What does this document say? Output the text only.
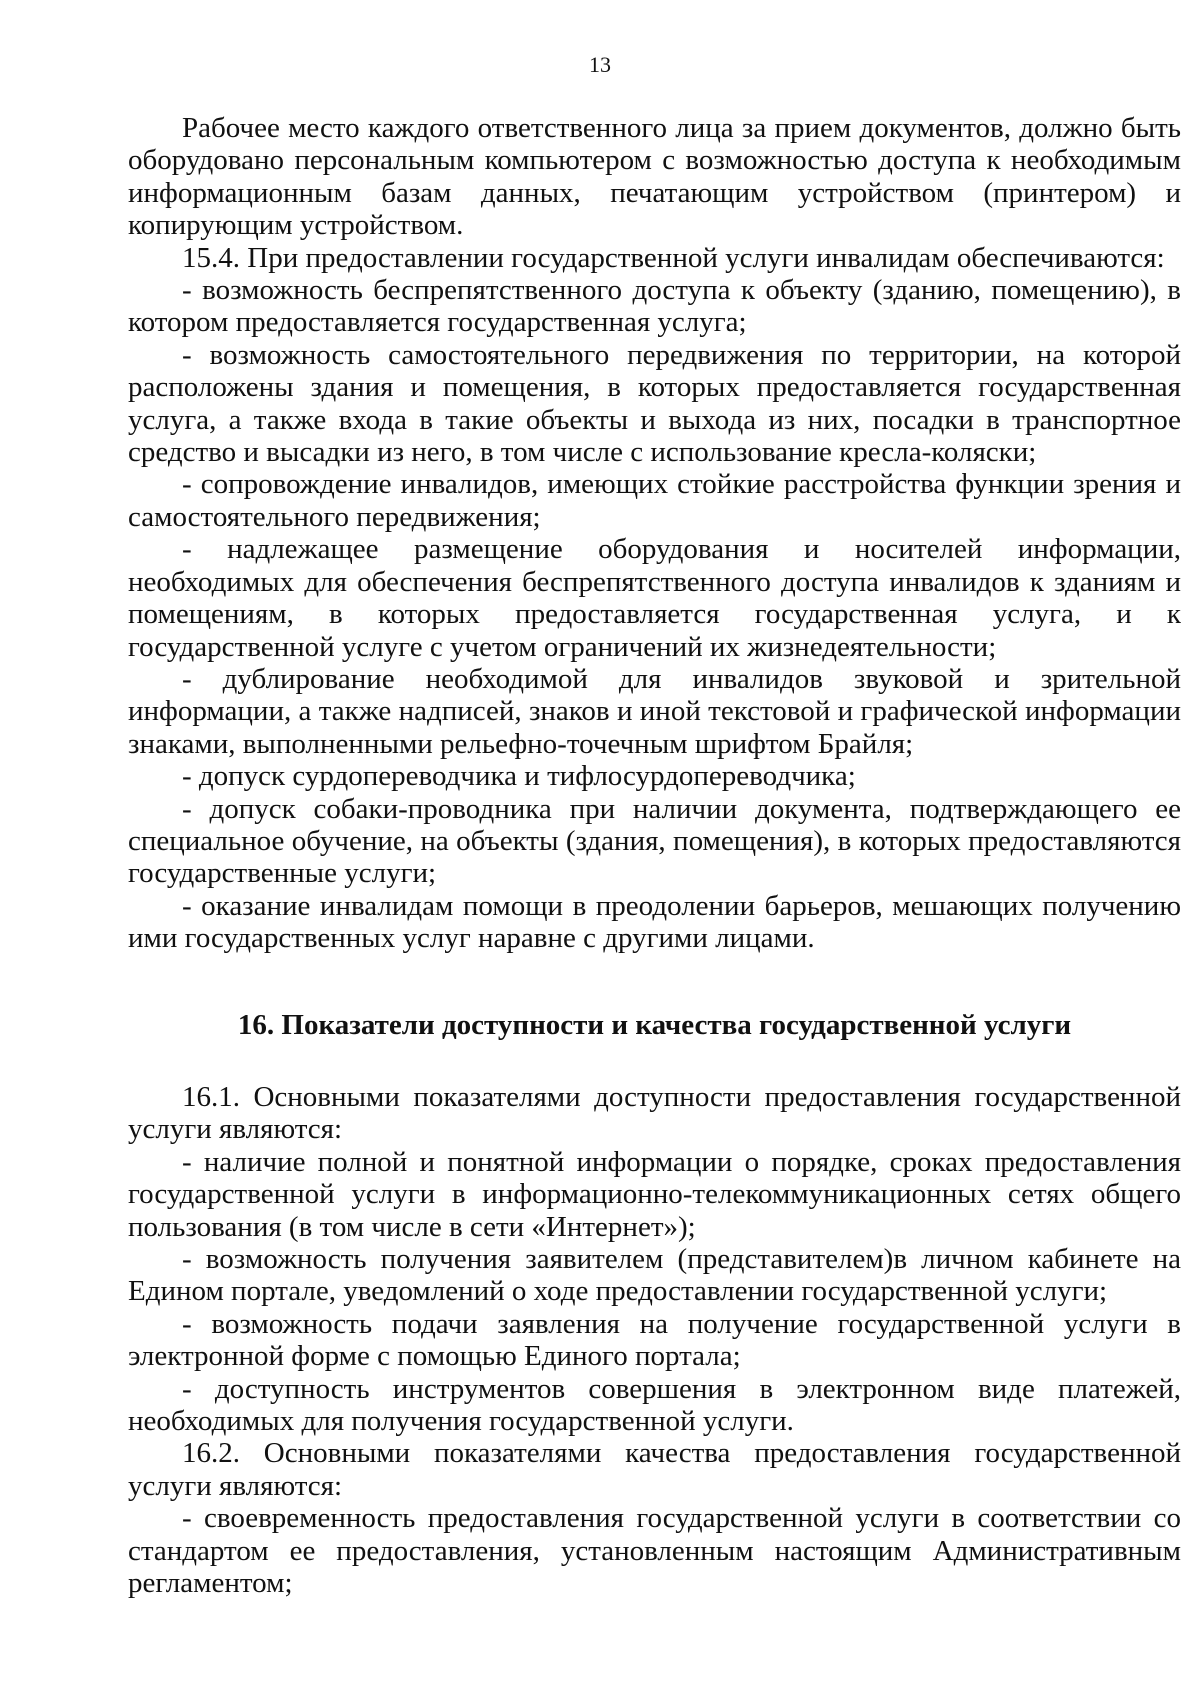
13

Рабочее место каждого ответственного лица за прием документов, должно быть оборудовано персональным компьютером с возможностью доступа к необходимым информационным базам данных, печатающим устройством (принтером) и копирующим устройством.

15.4. При предоставлении государственной услуги инвалидам обеспечиваются:

- возможность беспрепятственного доступа к объекту (зданию, помещению), в котором предоставляется государственная услуга;

- возможность самостоятельного передвижения по территории, на которой расположены здания и помещения, в которых предоставляется государственная услуга, а также входа в такие объекты и выхода из них, посадки в транспортное средство и высадки из него, в том числе с использование кресла-коляски;

- сопровождение инвалидов, имеющих стойкие расстройства функции зрения и самостоятельного передвижения;

- надлежащее размещение оборудования и носителей информации, необходимых для обеспечения беспрепятственного доступа инвалидов к зданиям и помещениям, в которых предоставляется государственная услуга, и к государственной услуге с учетом ограничений их жизнедеятельности;

- дублирование необходимой для инвалидов звуковой и зрительной информации, а также надписей, знаков и иной текстовой и графической информации знаками, выполненными рельефно-точечным шрифтом Брайля;

- допуск сурдопереводчика и тифлосурдопереводчика;

- допуск собаки-проводника при наличии документа, подтверждающего ее специальное обучение, на объекты (здания, помещения), в которых предоставляются государственные услуги;

- оказание инвалидам помощи в преодолении барьеров, мешающих получению ими государственных услуг наравне с другими лицами.

16. Показатели доступности и качества государственной услуги

16.1. Основными показателями доступности предоставления государственной услуги являются:

- наличие полной и понятной информации о порядке, сроках предоставления государственной услуги в информационно-телекоммуникационных сетях общего пользования (в том числе в сети «Интернет»);

- возможность получения заявителем (представителем)в личном кабинете на Едином портале, уведомлений о ходе предоставлении государственной услуги;

- возможность подачи заявления на получение государственной услуги в электронной форме с помощью Единого портала;

- доступность инструментов совершения в электронном виде платежей, необходимых для получения государственной услуги.

16.2. Основными показателями качества предоставления государственной услуги являются:

- своевременность предоставления государственной услуги в соответствии со стандартом ее предоставления, установленным настоящим Административным регламентом;
